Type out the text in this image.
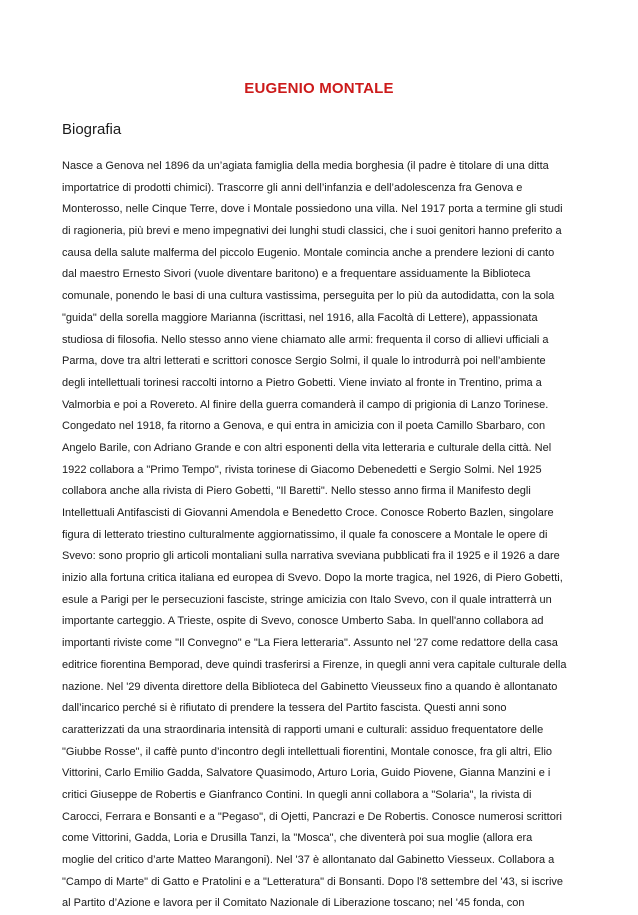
EUGENIO MONTALE
Biografia
Nasce a Genova nel 1896 da un’agiata famiglia della media borghesia (il padre è titolare di una ditta
importatrice di prodotti chimici). Trascorre gli anni dell’infanzia e dell’adolescenza fra Genova e
Monterosso, nelle Cinque Terre, dove i Montale possiedono una villa. Nel 1917 porta a termine gli studi
di ragioneria, più brevi e meno impegnativi dei lunghi studi classici, che i suoi genitori hanno preferito a
causa della salute malferma del piccolo Eugenio. Montale comincia anche a prendere lezioni di canto
dal maestro Ernesto Sivori (vuole diventare baritono) e a frequentare assiduamente la Biblioteca
comunale, ponendo le basi di una cultura vastissima, perseguita per lo più da autodidatta, con la sola
"guida" della sorella maggiore Marianna (iscrittasi, nel 1916, alla Facoltà di Lettere), appassionata
studiosa di filosofia. Nello stesso anno viene chiamato alle armi: frequenta il corso di allievi ufficiali a
Parma, dove tra altri letterati e scrittori conosce Sergio Solmi, il quale lo introdurrà poi nell’ambiente
degli intellettuali torinesi raccolti intorno a Pietro Gobetti. Viene inviato al fronte in Trentino, prima a
Valmorbia e poi a Rovereto. Al finire della guerra comanderà il campo di prigionia di Lanzo Torinese.
Congedato nel 1918, fa ritorno a Genova, e qui entra in amicizia con il poeta Camillo Sbarbaro, con
Angelo Barile, con Adriano Grande e con altri esponenti della vita letteraria e culturale della città. Nel
1922 collabora a "Primo Tempo", rivista torinese di Giacomo Debenedetti e Sergio Solmi. Nel 1925
collabora anche alla rivista di Piero Gobetti, "Il Baretti". Nello stesso anno firma il Manifesto degli
Intellettuali Antifascisti di Giovanni Amendola e Benedetto Croce. Conosce Roberto Bazlen, singolare
figura di letterato triestino culturalmente aggiornatissimo, il quale fa conoscere a Montale le opere di
Svevo: sono proprio gli articoli montaliani sulla narrativa sveviana pubblicati fra il 1925 e il 1926 a dare
inizio alla fortuna critica italiana ed europea di Svevo. Dopo la morte tragica, nel 1926, di Piero Gobetti,
esule a Parigi per le persecuzioni fasciste, stringe amicizia con Italo Svevo, con il quale intratterrà un
importante carteggio. A Trieste, ospite di Svevo, conosce Umberto Saba. In quell'anno collabora ad
importanti riviste come "Il Convegno" e "La Fiera letteraria". Assunto nel '27 come redattore della casa
editrice fiorentina Bemporad, deve quindi trasferirsi a Firenze, in quegli anni vera capitale culturale della
nazione. Nel '29 diventa direttore della Biblioteca del Gabinetto Vieusseux fino a quando è allontanato
dall’incarico perché si è rifiutato di prendere la tessera del Partito fascista. Questi anni sono
caratterizzati da una straordinaria intensità di rapporti umani e culturali: assiduo frequentatore delle
"Giubbe Rosse", il caffè punto d’incontro degli intellettuali fiorentini, Montale conosce, fra gli altri, Elio
Vittorini, Carlo Emilio Gadda, Salvatore Quasimodo, Arturo Loria, Guido Piovene, Gianna Manzini e i
critici Giuseppe de Robertis e Gianfranco Contini. In quegli anni collabora a "Solaria", la rivista di
Carocci, Ferrara e Bonsanti e a "Pegaso", di Ojetti, Pancrazi e De Robertis. Conosce numerosi scrittori
come Vittorini, Gadda, Loria e Drusilla Tanzi, la "Mosca", che diventerà poi sua moglie (allora era
moglie del critico d’arte Matteo Marangoni). Nel '37 è allontanato dal Gabinetto Viesseux. Collabora a
"Campo di Marte" di Gatto e Pratolini e a "Letteratura" di Bonsanti. Dopo l'8 settembre del '43, si iscrive
al Partito d’Azione e lavora per il Comitato Nazionale di Liberazione toscano; nel '45 fonda, con
